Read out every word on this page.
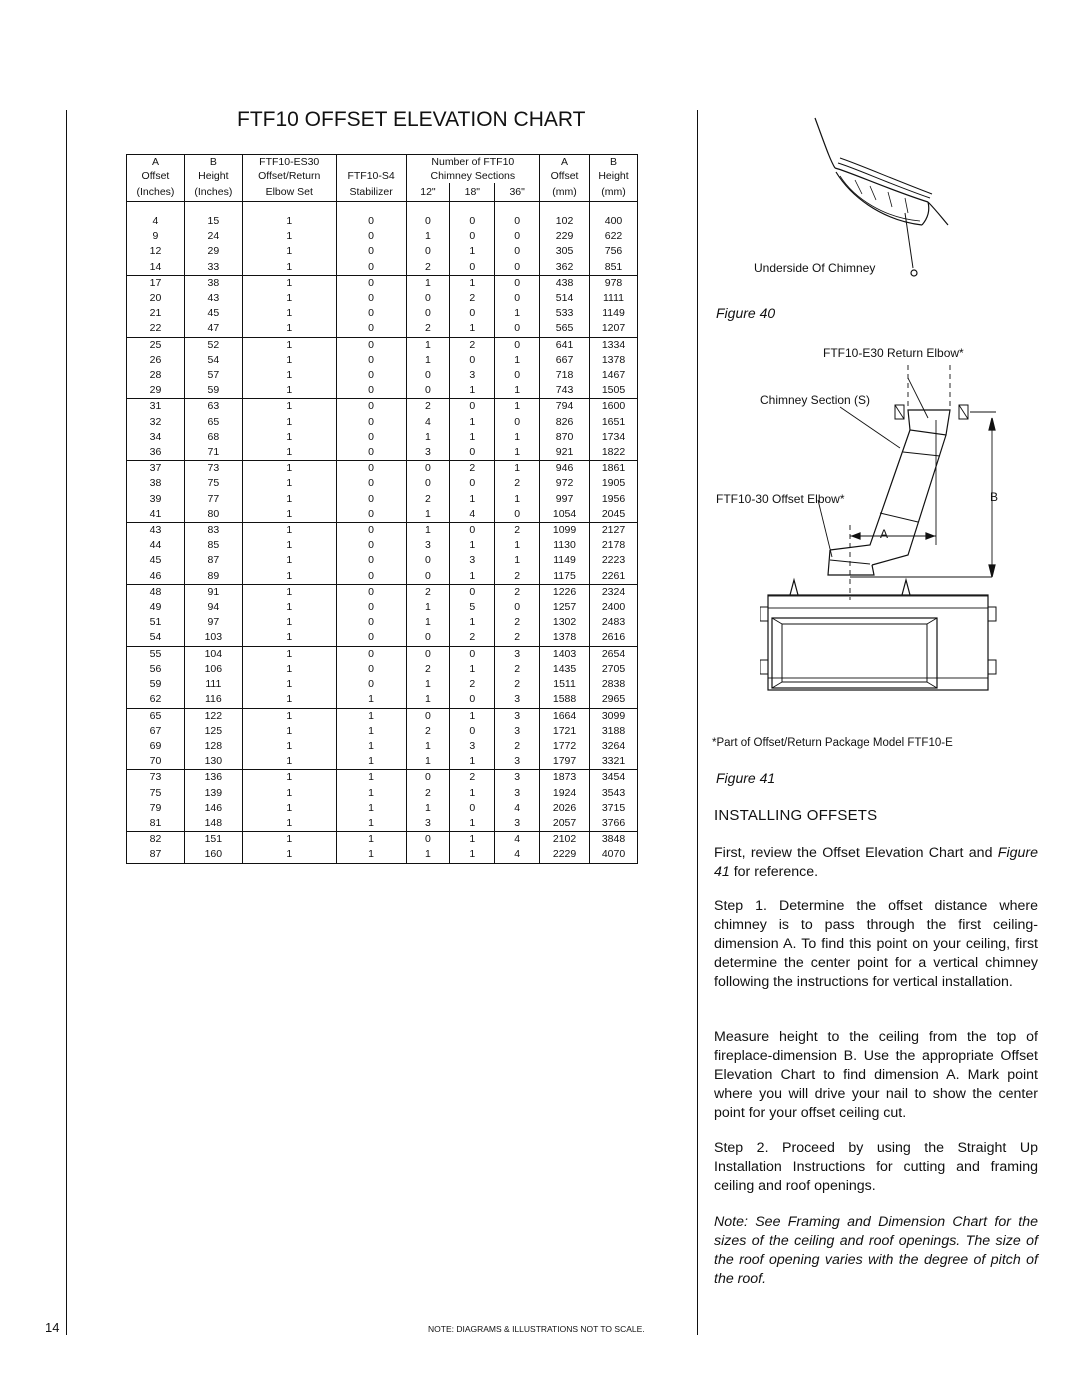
FTF10 OFFSET ELEVATION CHART
A	B	FTF10-ES30		Number of FTF10			A	B
Offset	Height	Offset/Return	FTF10-S4	Chimney Sections			Offset	Height
(Inches)	(Inches)	Elbow Set	Stabilizer	12"	18"	36"	(mm)	(mm)

4	15	1	0	0	0	0	102	400
9	24	1	0	1	0	0	229	622
12	29	1	0	0	1	0	305	756
14	33	1	0	2	0	0	362	851
17	38	1	0	1	1	0	438	978
20	43	1	0	0	2	0	514	1111
21	45	1	0	0	0	1	533	1149
22	47	1	0	2	1	0	565	1207
25	52	1	0	1	2	0	641	1334
26	54	1	0	1	0	1	667	1378
28	57	1	0	0	3	0	718	1467
29	59	1	0	0	1	1	743	1505
31	63	1	0	2	0	1	794	1600
32	65	1	0	4	1	0	826	1651
34	68	1	0	1	1	1	870	1734
36	71	1	0	3	0	1	921	1822
37	73	1	0	0	2	1	946	1861
38	75	1	0	0	0	2	972	1905
39	77	1	0	2	1	1	997	1956
41	80	1	0	1	4	0	1054	2045
43	83	1	0	1	0	2	1099	2127
44	85	1	0	3	1	1	1130	2178
45	87	1	0	0	3	1	1149	2223
46	89	1	0	0	1	2	1175	2261
48	91	1	0	2	0	2	1226	2324
49	94	1	0	1	5	0	1257	2400
51	97	1	0	1	1	2	1302	2483
54	103	1	0	0	2	2	1378	2616
55	104	1	0	0	0	3	1403	2654
56	106	1	0	2	1	2	1435	2705
59	111	1	0	1	2	2	1511	2838
62	116	1	1	1	0	3	1588	2965
65	122	1	1	0	1	3	1664	3099
67	125	1	1	2	0	3	1721	3188
69	128	1	1	1	3	2	1772	3264
70	130	1	1	1	1	3	1797	3321
73	136	1	1	0	2	3	1873	3454
75	139	1	1	2	1	3	1924	3543
79	146	1	1	1	0	4	2026	3715
81	148	1	1	3	1	3	2057	3766
82	151	1	1	0	1	4	2102	3848
87	160	1	1	1	1	4	2229	4070
Underside Of Chimney
Figure 40
FTF10-E30 Return Elbow*
Chimney Section (S)
FTF10-30 Offset Elbow*
A
B
*Part of Offset/Return Package Model FTF10-E
Figure 41
INSTALLING OFFSETS
First, review the Offset Elevation Chart and Figure 41 for reference.
Step 1. Determine the offset distance where chimney is to pass through the first ceiling-dimension A. To find this point on your ceiling, first determine the center point for a vertical chimney following the instructions for vertical installation.
Measure height to the ceiling from the top of fireplace-dimension B. Use the appropriate Offset Elevation Chart to find dimension A. Mark point where you will drive your nail to show the center point for your offset ceiling cut.
Step 2. Proceed by using the Straight Up Installation Instructions for cutting and framing ceiling and roof openings.
Note: See Framing and Dimension Chart for the sizes of the ceiling and roof openings. The size of the roof opening varies with the degree of pitch of the roof.
14	NOTE: DIAGRAMS & ILLUSTRATIONS NOT TO SCALE.
